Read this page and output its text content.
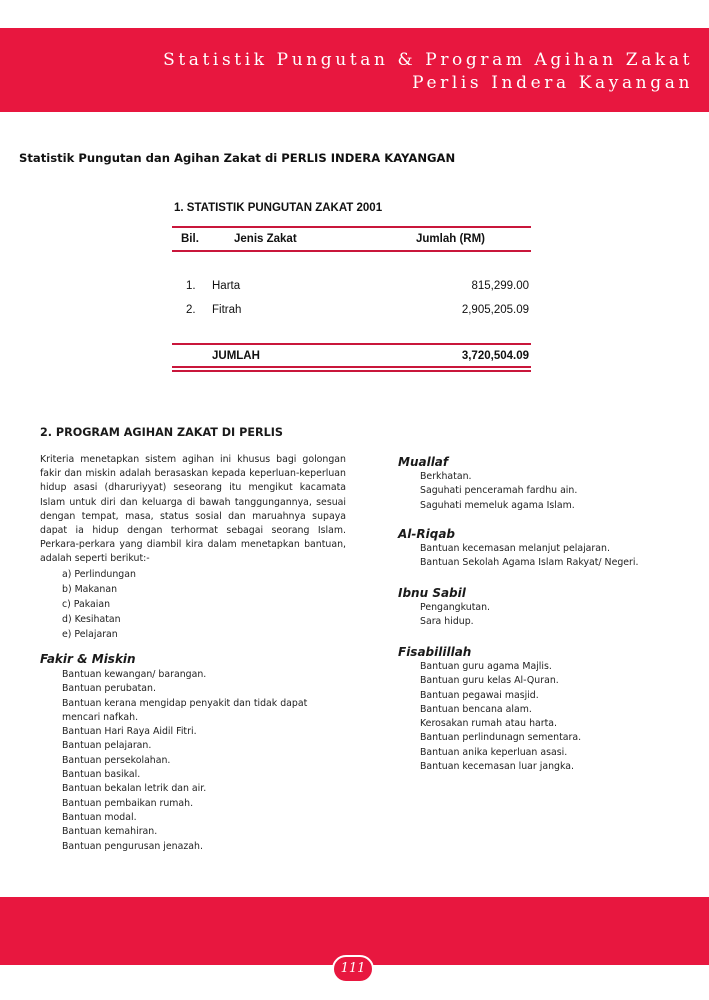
Statistik Pungutan & Program Agihan Zakat
Perlis Indera Kayangan
Statistik Pungutan dan Agihan Zakat di PERLIS INDERA KAYANGAN
1. STATISTIK PUNGUTAN ZAKAT 2001
Bil.	Jenis Zakat	Jumlah (RM)
1. Harta	815,299.00
2. Fitrah	2,905,205.09
JUMLAH	3,720,504.09
2. PROGRAM AGIHAN ZAKAT DI PERLIS

Kriteria menetapkan sistem agihan ini khusus bagi golongan fakir dan miskin adalah berasaskan kepada keperluan-keperluan hidup asasi (dharuriyyat) seseorang itu mengikut kacamata Islam untuk diri dan keluarga di bawah tanggungannya, sesuai dengan tempat, masa, status sosial dan maruahnya supaya dapat ia hidup dengan terhormat sebagai seorang Islam. Perkara-perkara yang diambil kira dalam menetapkan bantuan, adalah seperti berikut:-

a) Perlindungan
b) Makanan
c) Pakaian
d) Kesihatan
e) Pelajaran
Fakir & Miskin
Bantuan kewangan/ barangan.
Bantuan perubatan.
Bantuan kerana mengidap penyakit dan tidak dapat mencari nafkah.
Bantuan Hari Raya Aidil Fitri.
Bantuan pelajaran.
Bantuan persekolahan.
Bantuan basikal.
Bantuan bekalan letrik dan air.
Bantuan pembaikan rumah.
Bantuan modal.
Bantuan kemahiran.
Bantuan pengurusan jenazah.
Muallaf
Berkhatan.
Saguhati penceramah fardhu ain.
Saguhati memeluk agama Islam.
Al-Riqab
Bantuan kecemasan melanjut pelajaran.
Bantuan Sekolah Agama Islam Rakyat/ Negeri.
Ibnu Sabil
Pengangkutan.
Sara hidup.
Fisabilillah
Bantuan guru agama Majlis.
Bantuan guru kelas Al-Quran.
Bantuan pegawai masjid.
Bantuan bencana alam.
Kerosakan rumah atau harta.
Bantuan perlindunagn sementara.
Bantuan anika keperluan asasi.
Bantuan kecemasan luar jangka.
111
